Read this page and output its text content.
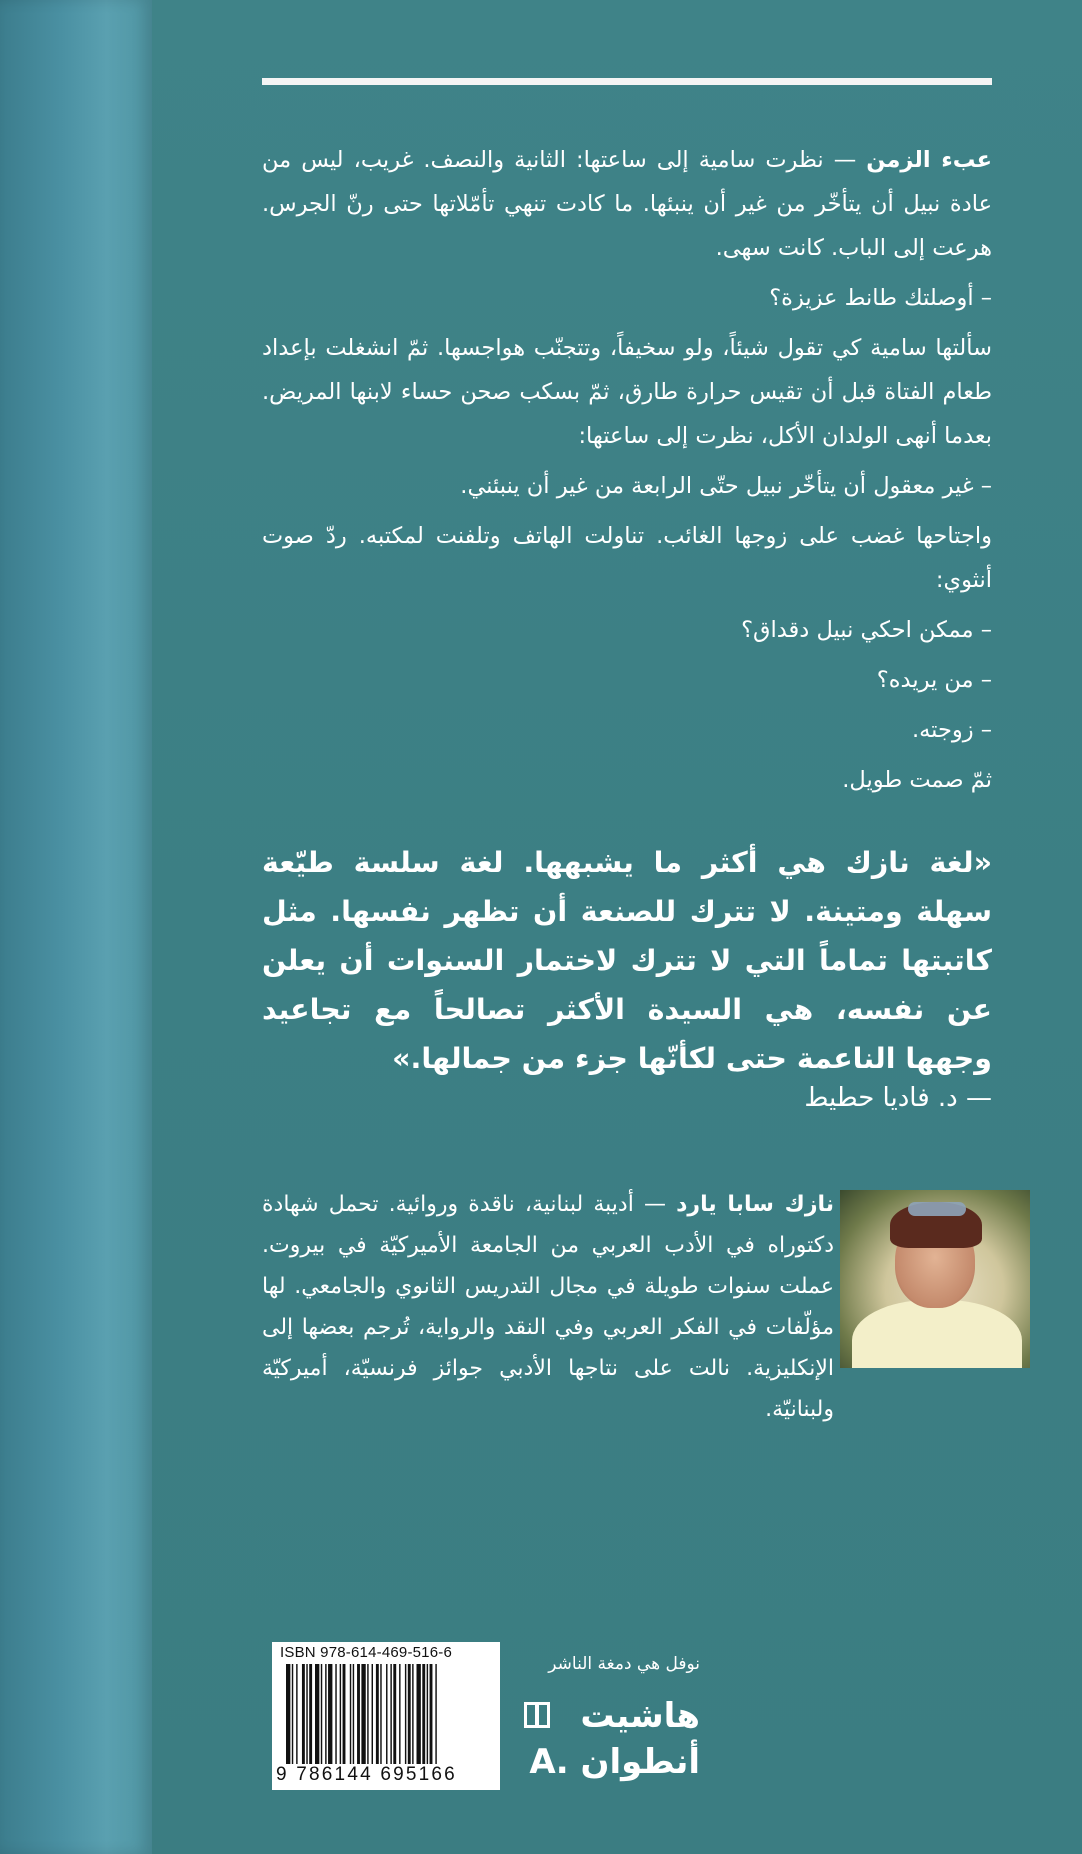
عبء الزمن — نظرت سامية إلى ساعتها: الثانية والنصف. غريب، ليس من عادة نبيل أن يتأخّر من غير أن ينبئها. ما كادت تنهي تأمّلاتها حتى رنّ الجرس. هرعت إلى الباب. كانت سهى.

– أوصلتك طانط عزيزة؟

سألتها سامية كي تقول شيئاً، ولو سخيفاً، وتتجنّب هواجسها. ثمّ انشغلت بإعداد طعام الفتاة قبل أن تقيس حرارة طارق، ثمّ بسكب صحن حساء لابنها المريض. بعدما أنهى الولدان الأكل، نظرت إلى ساعتها:

– غير معقول أن يتأخّر نبيل حتّى الرابعة من غير أن ينبئني.

واجتاحها غضب على زوجها الغائب. تناولت الهاتف وتلفنت لمكتبه. ردّ صوت أنثوي:

– ممكن احكي نبيل دقداق؟

– من يريده؟

– زوجته.

ثمّ صمت طويل.

«لغة نازك هي أكثر ما يشبهها. لغة سلسة طيّعة سهلة ومتينة. لا تترك للصنعة أن تظهر نفسها. مثل كاتبتها تماماً التي لا تترك لاختمار السنوات أن يعلن عن نفسه، هي السيدة الأكثر تصالحاً مع تجاعيد وجهها الناعمة حتى لكأنّها جزء من جمالها.»
— د. فاديا حطيط
نازك سابا يارد — أديبة لبنانية، ناقدة وروائية. تحمل شهادة دكتوراه في الأدب العربي من الجامعة الأميركيّة في بيروت. عملت سنوات طويلة في مجال التدريس الثانوي والجامعي. لها مؤلّفات في الفكر العربي وفي النقد والرواية، تُرجم بعضها إلى الإنكليزية. نالت على نتاجها الأدبي جوائز فرنسيّة، أميركيّة ولبنانيّة.
ISBN 978-614-469-516-6
9 786144 695166
نوفل هي دمغة الناشر
هاشيت
أنطوان .A
